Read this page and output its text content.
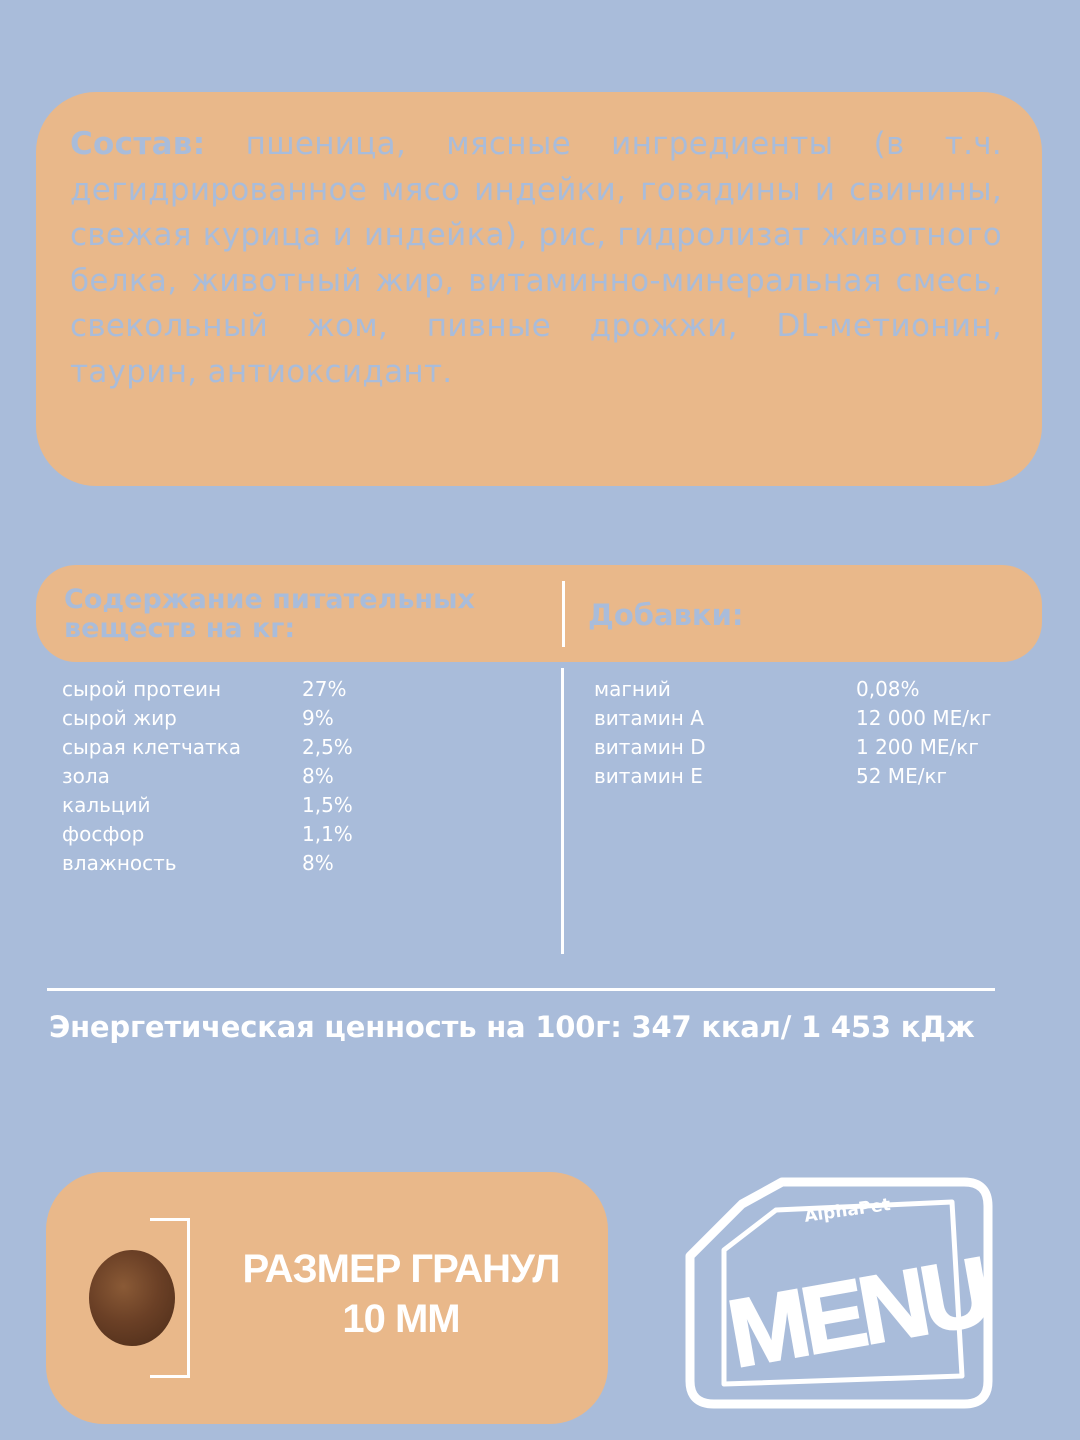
Состав: пшеница, мясные ингредиенты (в т.ч. дегидрированное мясо индейки, говядины и свинины, свежая курица и индейка), рис, гидролизат животного белка, животный жир, витаминно-минеральная смесь, свекольный жом, пивные дрожжи, DL-метионин, таурин, антиоксидант.

Содержание питательных веществ на кг:	Добавки:
сырой протеин	27%
сырой жир	9%
сырая клетчатка	2,5%
зола	8%
кальций	1,5%
фосфор	1,1%
влажность	8%
магний	0,08%
витамин А	12 000 МЕ/кг
витамин D	1 200 МЕ/кг
витамин Е	52 МЕ/кг
Энергетическая ценность на 100г: 347 ккал/ 1 453 кДж
РАЗМЕР ГРАНУЛ
10 ММ
AlphaPet
MENU
